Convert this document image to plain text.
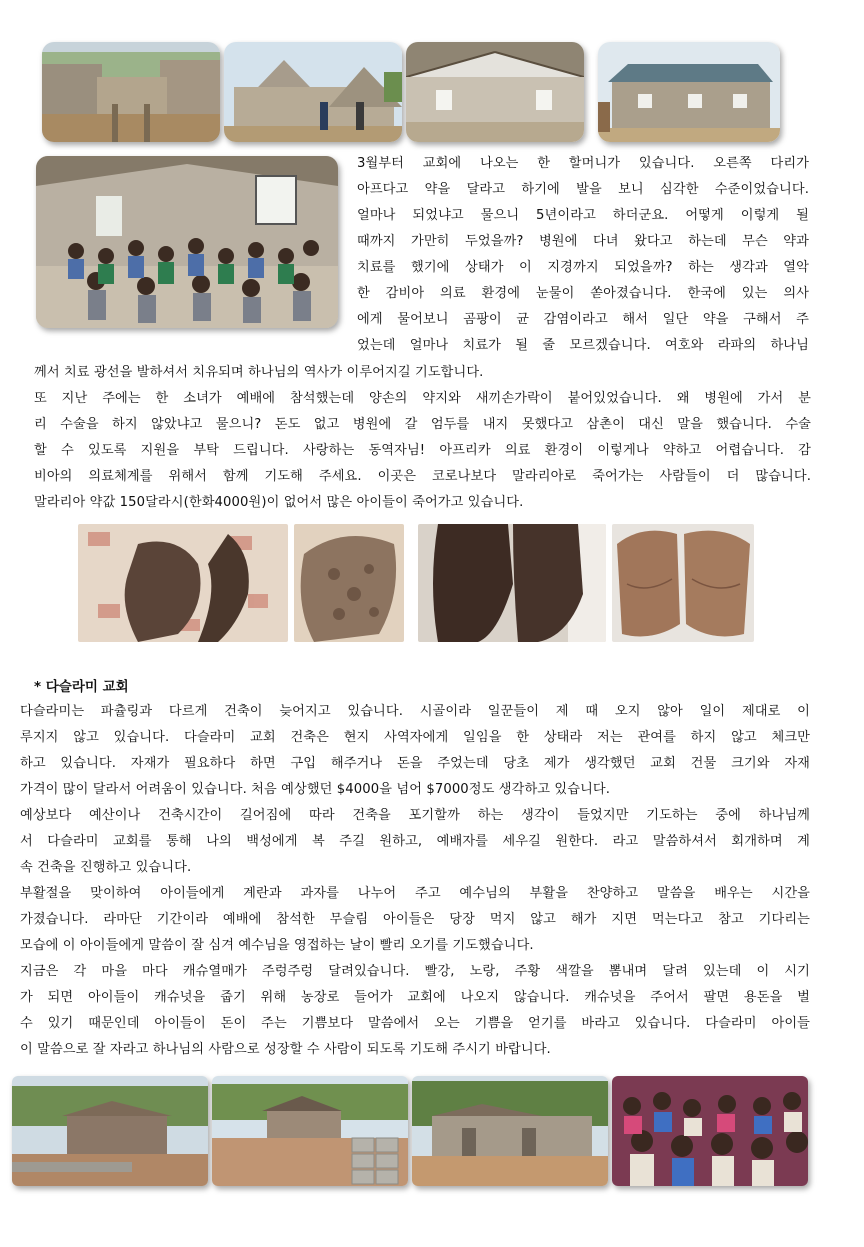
3월부터 교회에 나오는 한 할머니가 있습니다. 오른쪽 다리가
아프다고 약을 달라고 하기에 발을 보니 심각한 수준이었습니다.
얼마나 되었냐고 물으니 5년이라고 하더군요. 어떻게 이렇게 될
때까지 가만히 두었을까? 병원에 다녀 왔다고 하는데 무슨 약과
치료를 했기에 상태가 이 지경까지 되었을까? 하는 생각과 열악
한 감비아 의료 환경에 눈물이 쏟아졌습니다. 한국에 있는 의사
에게 물어보니 곰팡이 균 감염이라고 해서 일단 약을 구해서 주
었는데 얼마나 치료가 될 줄 모르겠습니다. 여호와 라파의 하나님
께서 치료 광선을 발하셔서 치유되며 하나님의 역사가 이루어지길 기도합니다.
또 지난 주에는 한 소녀가 예배에 참석했는데 양손의 약지와 새끼손가락이 붙어있었습니다. 왜 병원에 가서 분
리 수술을 하지 않았냐고 물으니? 돈도 없고 병원에 갈 엄두를 내지 못했다고 삼촌이 대신 말을 했습니다. 수술
할 수 있도록 지원을 부탁 드립니다. 사랑하는 동역자님! 아프리카 의료 환경이 이렇게나 약하고 어렵습니다. 감
비아의 의료체계를 위해서 함께 기도해 주세요. 이곳은 코로나보다 말라리아로 죽어가는 사람들이 더 많습니다.
말라리아 약값 150달라시(한화4000원)이 없어서 많은 아이들이 죽어가고 있습니다.
* 다슬라미 교회
다슬라미는 파츌링과 다르게 건축이 늦어지고 있습니다. 시골이라 일꾼들이 제 때 오지 않아 일이 제대로 이
루지지 않고 있습니다. 다슬라미 교회 건축은 현지 사역자에게 일임을 한 상태라 저는 관여를 하지 않고 체크만
하고 있습니다. 자재가 필요하다 하면 구입 해주거나 돈을 주었는데 당초 제가 생각했던 교회 건물 크기와 자재
가격이 많이 달라서 어려움이 있습니다. 처음 예상했던 $4000을 넘어 $7000정도 생각하고 있습니다.
예상보다 예산이나 건축시간이 길어짐에 따라 건축을 포기할까 하는 생각이 들었지만 기도하는 중에 하나님께
서 다슬라미 교회를 통해 나의 백성에게 복 주길 원하고, 예배자를 세우길 원한다. 라고 말씀하셔서 회개하며 계
속 건축을 진행하고 있습니다.
부활절을 맞이하여 아이들에게 계란과 과자를 나누어 주고 예수님의 부활을 찬양하고 말씀을 배우는 시간을
가졌습니다. 라마단 기간이라 예배에 참석한 무슬림 아이들은 당장 먹지 않고 해가 지면 먹는다고 참고 기다리는
모습에 이 아이들에게 말씀이 잘 심겨 예수님을 영접하는 날이 빨리 오기를 기도했습니다.
지금은 각 마을 마다 캐슈열매가 주렁주렁 달려있습니다. 빨강, 노랑, 주황 색깔을 뽐내며 달려 있는데 이 시기
가 되면 아이들이 캐슈넛을 줍기 위해 농장로 들어가 교회에 나오지 않습니다. 캐슈넛을 주어서 팔면 용돈을 벌
수 있기 때문인데 아이들이 돈이 주는 기쁨보다 말씀에서 오는 기쁨을 얻기를 바라고 있습니다. 다슬라미 아이들
이 말씀으로 잘 자라고 하나님의 사람으로 성장할 수 사람이 되도록 기도해 주시기 바랍니다.
